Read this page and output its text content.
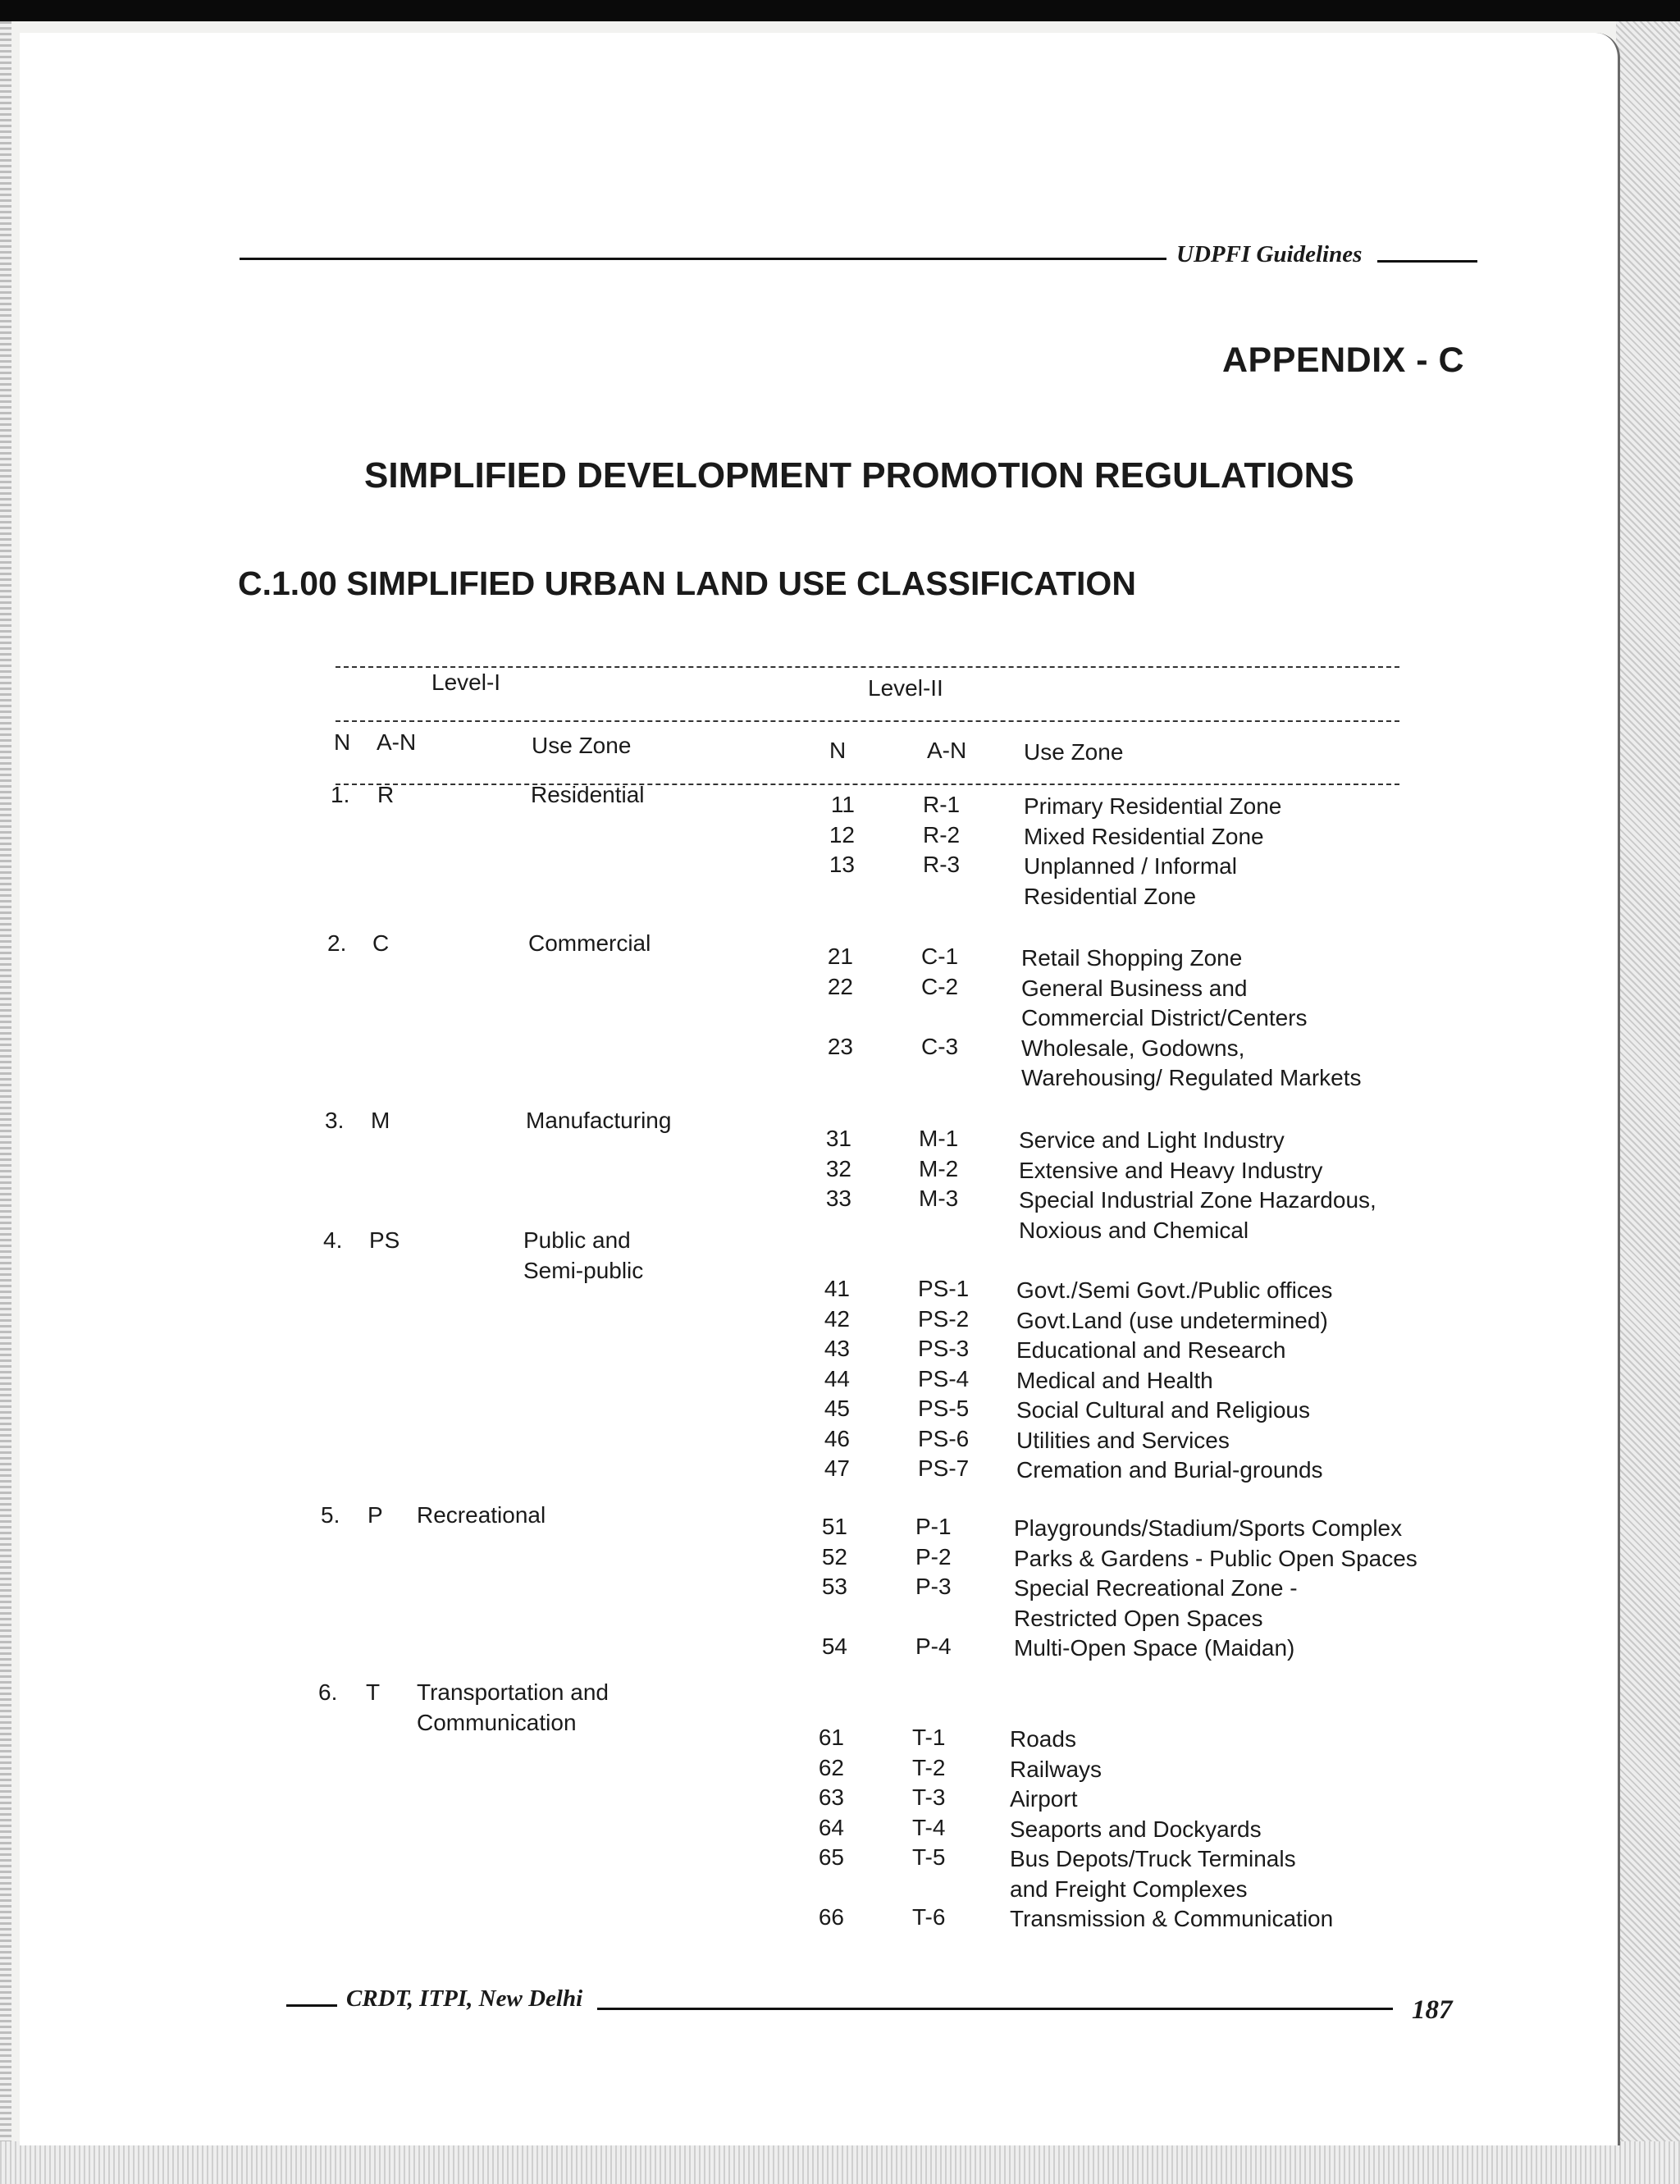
UDPFI Guidelines
APPENDIX - C
SIMPLIFIED DEVELOPMENT PROMOTION REGULATIONS
C.1.00 SIMPLIFIED URBAN LAND USE CLASSIFICATION
Level-I	Level-II
N A-N	Use Zone	N	A-N Use Zone
1. R	Residential	11	R-1	Primary Residential Zone
12	R-2	Mixed Residential Zone
13	R-3	Unplanned / Informal
Residential Zone
2. C	Commercial
21	C-1	Retail Shopping Zone
22	C-2	General Business and
Commercial District/Centers
23	C-3	Wholesale, Godowns,
Warehousing/ Regulated Markets
3. M	Manufacturing
31	M-1	Service and Light Industry
32	M-2	Extensive and Heavy Industry
33	M-3	Special Industrial Zone Hazardous,
Noxious and Chemical
4. PS	Public and
Semi-public
41	PS-1 Govt./Semi Govt./Public offices
42	PS-2 Govt.Land (use undetermined)
43	PS-3 Educational and Research
44	PS-4 Medical and Health
45	PS-5 Social Cultural and Religious
46	PS-6 Utilities and Services
47	PS-7 Cremation and Burial-grounds
5. P Recreational	51	P-1	Playgrounds/Stadium/Sports Complex
52	P-2	Parks & Gardens - Public Open Spaces
53	P-3	Special Recreational Zone -
Restricted Open Spaces
54	P-4	Multi-Open Space (Maidan)
6. T Transportation and
Communication
61	T-1	Roads
62	T-2	Railways
63	T-3	Airport
64	T-4	Seaports and Dockyards
65	T-5	Bus Depots/Truck Terminals
and Freight Complexes
66	T-6	Transmission & Communication
CRDT, ITPI, New Delhi	187
